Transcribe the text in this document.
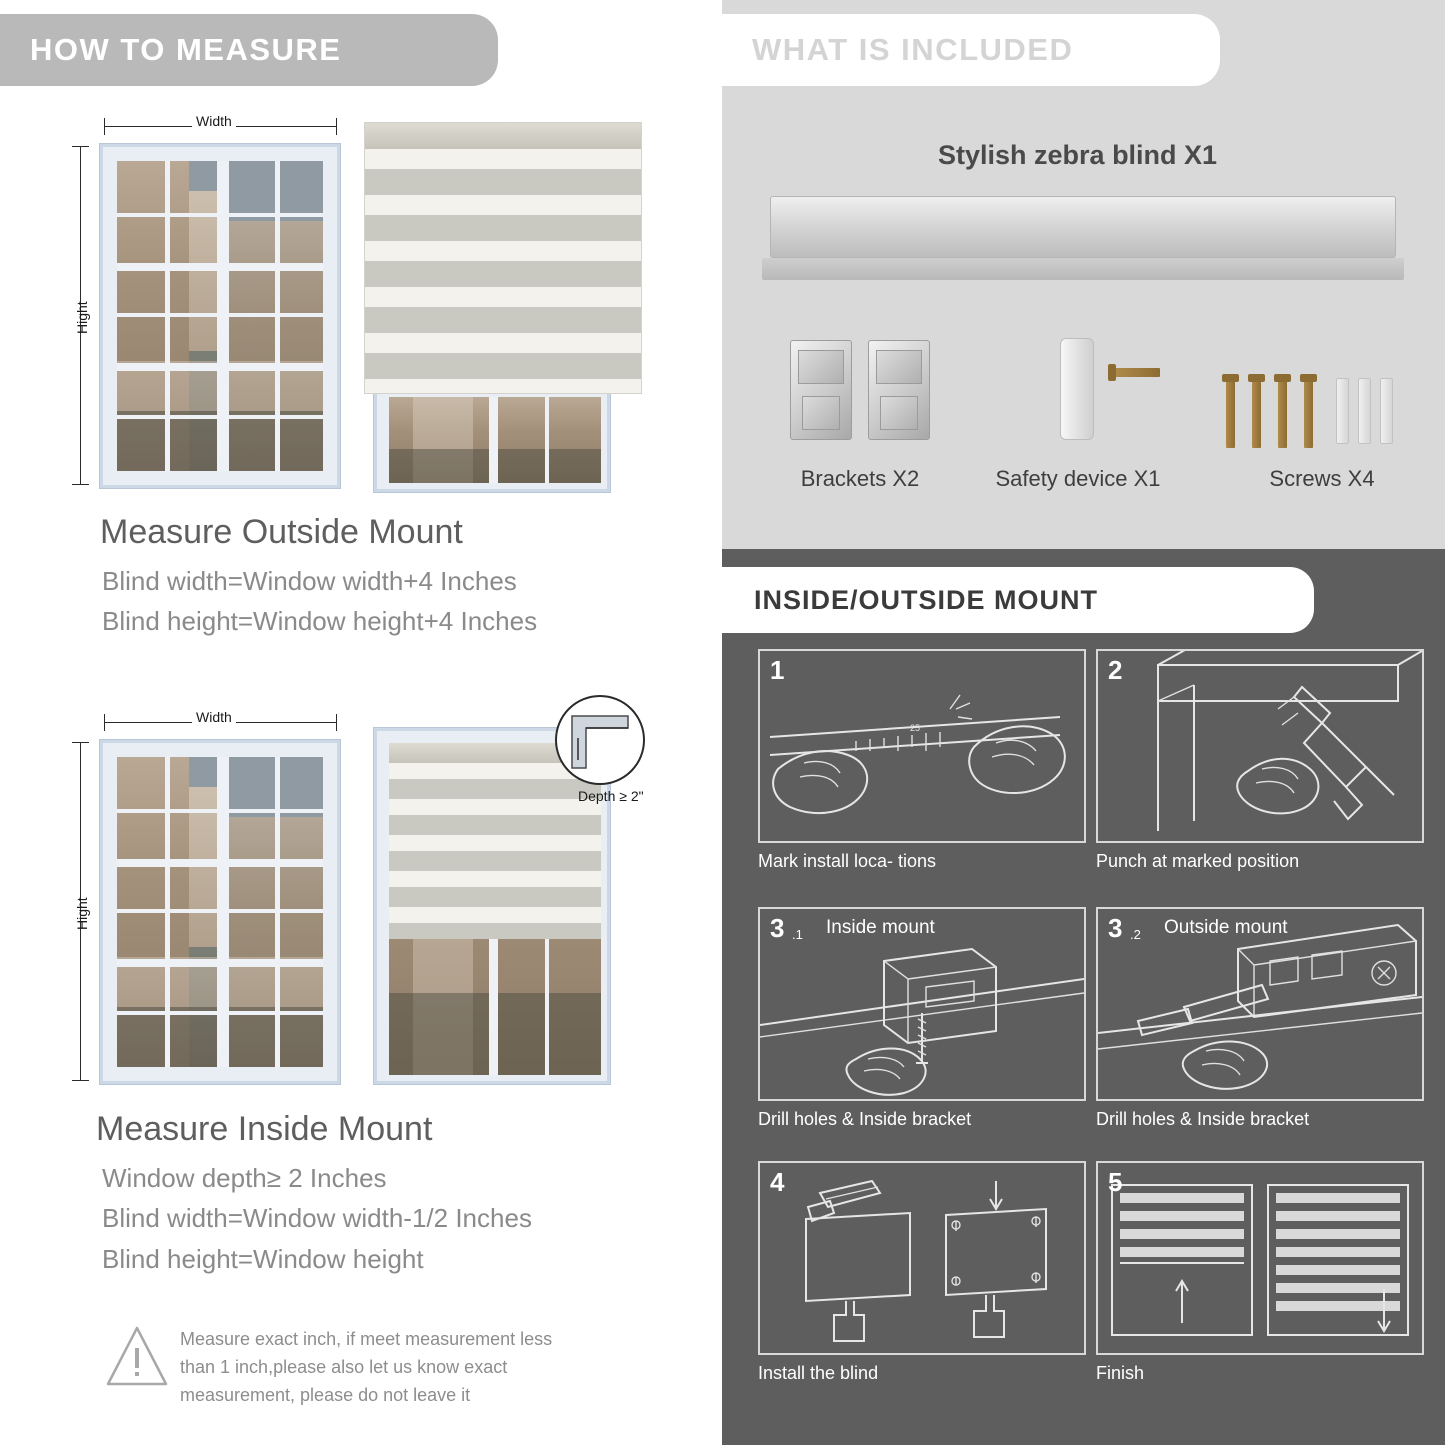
HOW TO MEASURE
Width
Hight
Measure Outside Mount
Blind width=Window width+4 Inches
Blind height=Window height+4 Inches
Width
Hight
Depth ≥ 2"
Measure Inside Mount
Window depth≥ 2 Inches
Blind width=Window width-1/2 Inches
Blind height=Window height
Measure exact inch, if meet measurement less
than 1 inch,please also let us know exact
measurement, please do not leave it
WHAT IS INCLUDED
Stylish zebra blind X1
Brackets X2	Safety device X1	Screws X4
INSIDE/OUTSIDE MOUNT
25
1
Mark install loca- tions
2
Punch at marked position
3 .1 Inside mount
Drill holes & Inside bracket
3 .2 Outside mount
Drill holes & Inside bracket
4
Install the blind
5
Finish
